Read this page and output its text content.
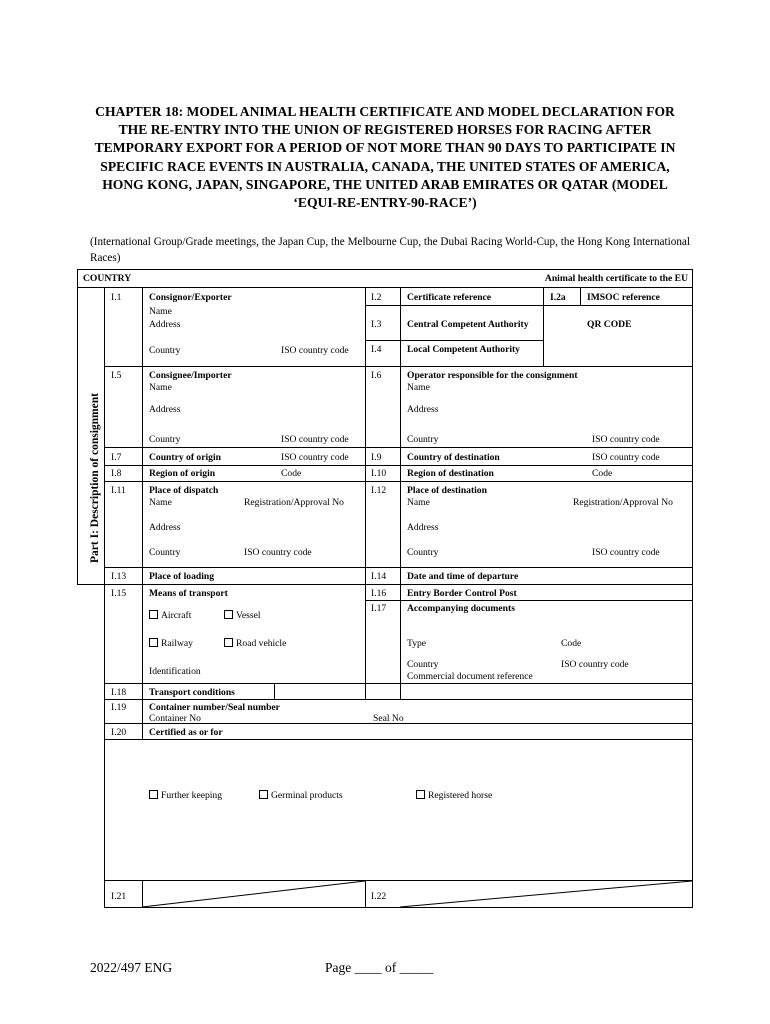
CHAPTER 18: MODEL ANIMAL HEALTH CERTIFICATE AND MODEL DECLARATION FOR THE RE-ENTRY INTO THE UNION OF REGISTERED HORSES FOR RACING AFTER TEMPORARY EXPORT FOR A PERIOD OF NOT MORE THAN 90 DAYS TO PARTICIPATE IN SPECIFIC RACE EVENTS IN AUSTRALIA, CANADA, THE UNITED STATES OF AMERICA, HONG KONG, JAPAN, SINGAPORE, THE UNITED ARAB EMIRATES OR QATAR (MODEL ‘EQUI-RE-ENTRY-90-RACE’)
(International Group/Grade meetings, the Japan Cup, the Melbourne Cup, the Dubai Racing World-Cup, the Hong Kong International Races)
Part I: Description of consignment
COUNTRY	Animal health certificate to the EU
I.1	Consignor/Exporter
Name
Address
Country	ISO country code
I.2	Certificate reference	I.2a IMSOC reference
I.3	Central Competent Authority	QR CODE
I.4	Local Competent Authority
I.5	Consignee/Importer
Name
Address
Country	ISO country code
I.6	Operator responsible for the consignment
Name
Address
Country	ISO country code
I.7	Country of origin	ISO country code I.9	Country of destination	ISO country code
I.8	Region of origin	Code	I.10 Region of destination	Code
I.11 Place of dispatch
Name	Registration/Approval No
Address
Country	ISO country code
I.12 Place of destination
Name	Registration/Approval No
Address
Country	ISO country code
I.13 Place of loading	I.14 Date and time of departure
I.15 Means of transport
Aircraft	Vessel
Railway	Road vehicle
Identification
I.16 Entry Border Control Post
I.17 Accompanying documents
Type	Code
Country	ISO country code
Commercial document reference
I.18 Transport conditions
I.19 Container number/Seal number
Container No	Seal No
I.20 Certified as or for
Further keeping	Germinal products	Registered horse
I.21	I.22
2022/497 ENG	Page ____ of _____
